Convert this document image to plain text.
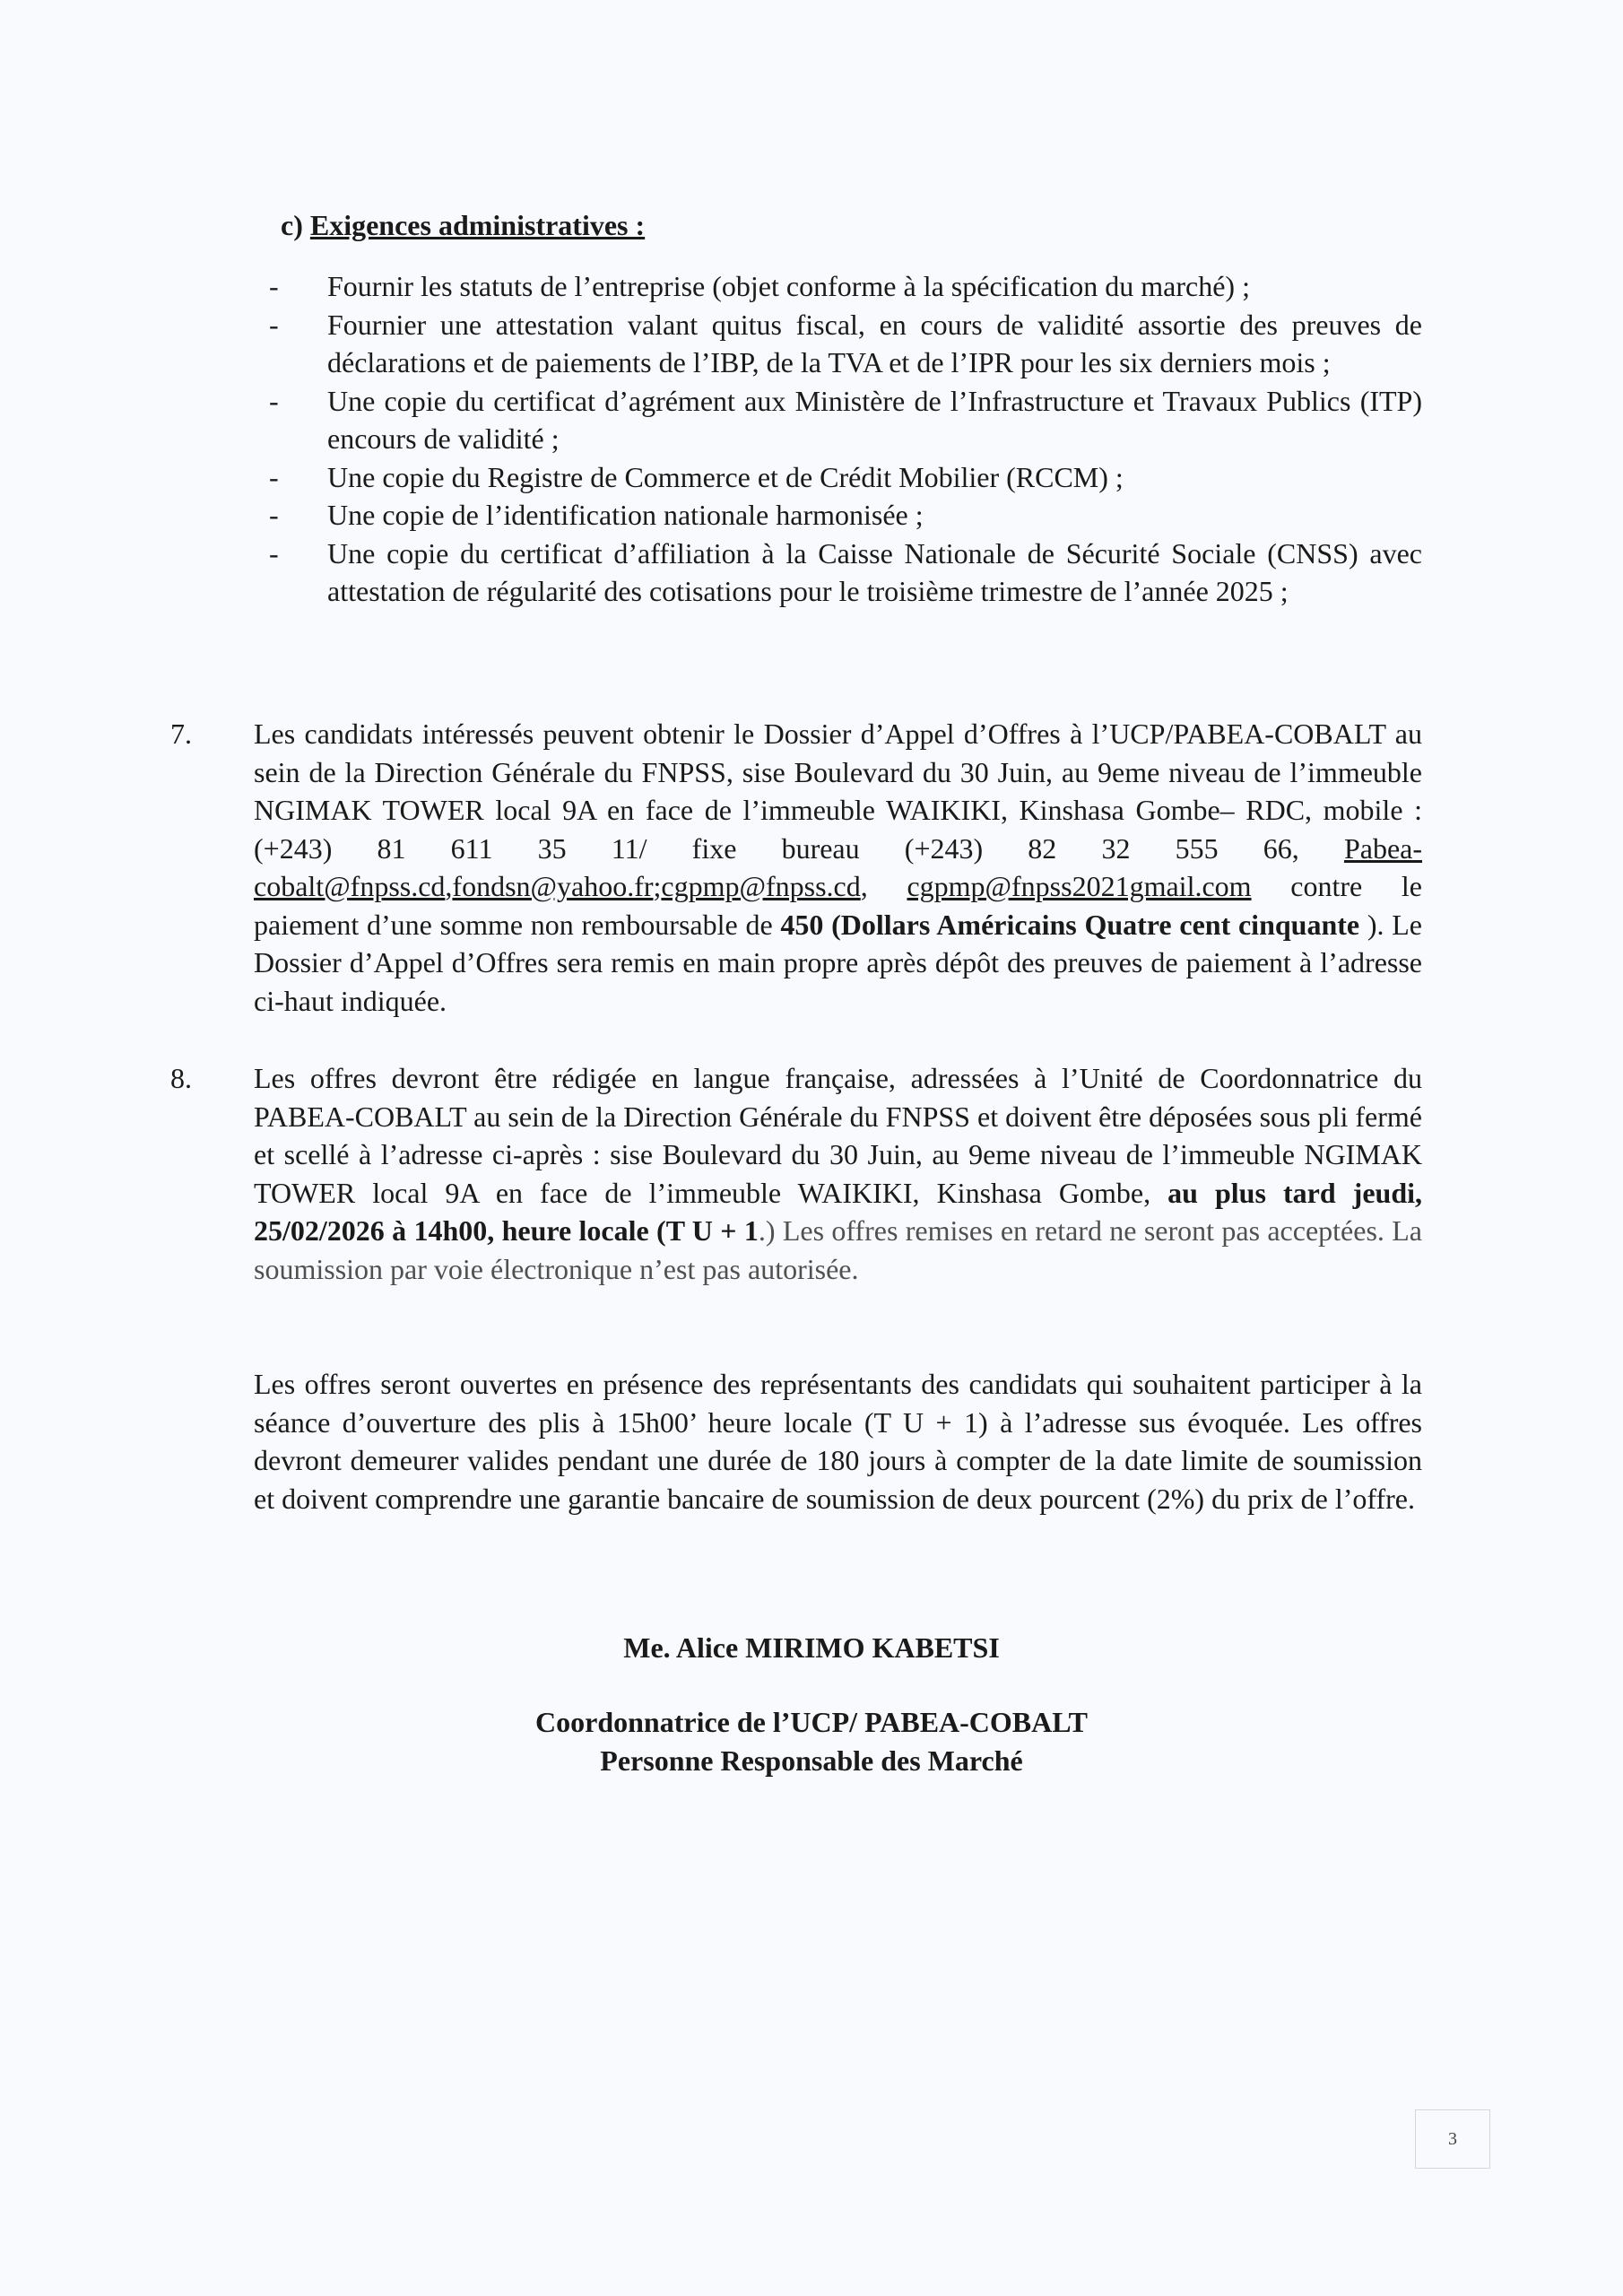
c) Exigences administratives :
- Fournir les statuts de l’entreprise (objet conforme à la spécification du marché) ;
- Fournier une attestation valant quitus fiscal, en cours de validité assortie des preuves de déclarations et de paiements de l’IBP, de la TVA et de l’IPR pour les six derniers mois ;
- Une copie du certificat d’agrément aux Ministère de l’Infrastructure et Travaux Publics (ITP) encours de validité ;
- Une copie du Registre de Commerce et de Crédit Mobilier (RCCM) ;
- Une copie de l’identification nationale harmonisée ;
- Une copie du certificat d’affiliation à la Caisse Nationale de Sécurité Sociale (CNSS) avec attestation de régularité des cotisations pour le troisième trimestre de l’année 2025 ;
7. Les candidats intéressés peuvent obtenir le Dossier d’Appel d’Offres à l’UCP/PABEA-COBALT au sein de la Direction Générale du FNPSS, sise Boulevard du 30 Juin, au 9eme niveau de l’immeuble NGIMAK TOWER local 9A en face de l’immeuble WAIKIKI, Kinshasa Gombe– RDC, mobile : (+243) 81 611 35 11/ fixe bureau (+243) 82 32 555 66, Pabea-cobalt@fnpss.cd,fondsn@yahoo.fr;cgpmp@fnpss.cd, cgpmp@fnpss2021gmail.com contre le paiement d’une somme non remboursable de 450 (Dollars Américains Quatre cent cinquante ). Le Dossier d’Appel d’Offres sera remis en main propre après dépôt des preuves de paiement à l’adresse ci-haut indiquée.
8. Les offres devront être rédigée en langue française, adressées à l’Unité de Coordonnatrice du PABEA-COBALT au sein de la Direction Générale du FNPSS et doivent être déposées sous pli fermé et scellé à l’adresse ci-après : sise Boulevard du 30 Juin, au 9eme niveau de l’immeuble NGIMAK TOWER local 9A en face de l’immeuble WAIKIKI, Kinshasa Gombe, au plus tard jeudi, 25/02/2026 à 14h00, heure locale (T U + 1.) Les offres remises en retard ne seront pas acceptées. La soumission par voie électronique n’est pas autorisée.
Les offres seront ouvertes en présence des représentants des candidats qui souhaitent participer à la séance d’ouverture des plis à 15h00’ heure locale (T U + 1) à l’adresse sus évoquée. Les offres devront demeurer valides pendant une durée de 180 jours à compter de la date limite de soumission et doivent comprendre une garantie bancaire de soumission de deux pourcent (2%) du prix de l’offre.
Me. Alice MIRIMO KABETSI
Coordonnatrice de l’UCP/ PABEA-COBALT
Personne Responsable des Marché
3
